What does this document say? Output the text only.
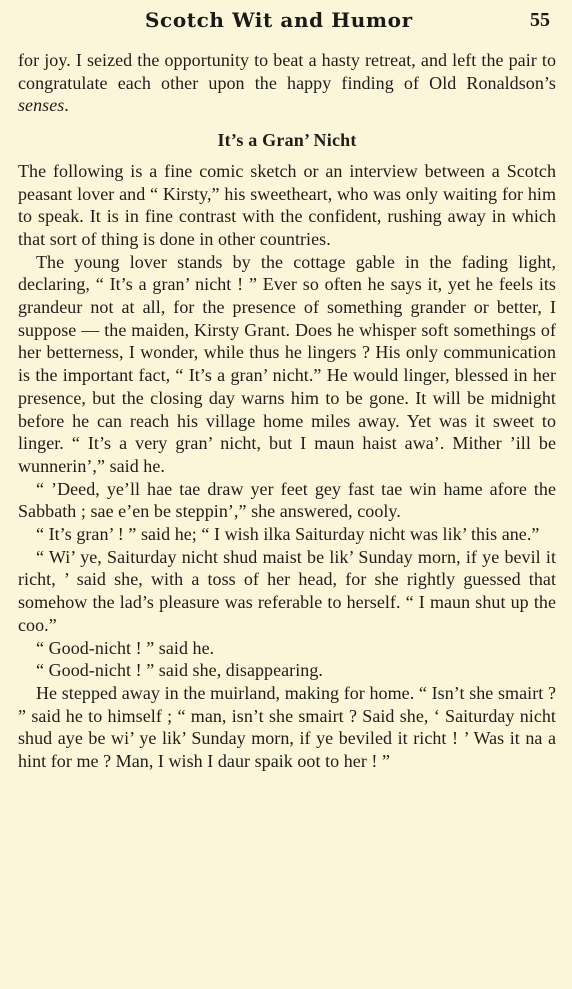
Scotch Wit and Humor	55

for joy. I seized the opportunity to beat a hasty retreat, and left the pair to congratulate each other upon the happy finding of Old Ronaldson’s senses.

It’s a Gran’ Nicht

The following is a fine comic sketch or an interview between a Scotch peasant lover and “ Kirsty,” his sweetheart, who was only waiting for him to speak. It is in fine contrast with the confident, rushing away in which that sort of thing is done in other countries.

The young lover stands by the cottage gable in the fading light, declaring, “ It’s a gran’ nicht ! ” Ever so often he says it, yet he feels its grandeur not at all, for the presence of something grander or better, I suppose — the maiden, Kirsty Grant. Does he whisper soft somethings of her betterness, I wonder, while thus he lingers ? His only communication is the important fact, “ It’s a gran’ nicht.” He would linger, blessed in her presence, but the closing day warns him to be gone. It will be midnight before he can reach his village home miles away. Yet was it sweet to linger. “ It’s a very gran’ nicht, but I maun haist awa’. Mither ’ill be wunnerin’,” said he.

“ ’Deed, ye’ll hae tae draw yer feet gey fast tae win hame afore the Sabbath ; sae e’en be steppin’,” she answered, cooly.

“ It’s gran’ ! ” said he; “ I wish ilka Saiturday nicht was lik’ this ane.”

“ Wi’ ye, Saiturday nicht shud maist be lik’ Sunday morn, if ye bevil it richt, ’ said she, with a toss of her head, for she rightly guessed that somehow the lad’s pleasure was referable to herself. “ I maun shut up the coo.”

“ Good-nicht ! ” said he.

“ Good-nicht ! ” said she, disappearing.

He stepped away in the muirland, making for home. “ Isn’t she smairt ? ” said he to himself ; “ man, isn’t she smairt ? Said she, ‘ Saiturday nicht shud aye be wi’ ye lik’ Sunday morn, if ye beviled it richt ! ’ Was it na a hint for me ? Man, I wish I daur spaik oot to her ! ”
